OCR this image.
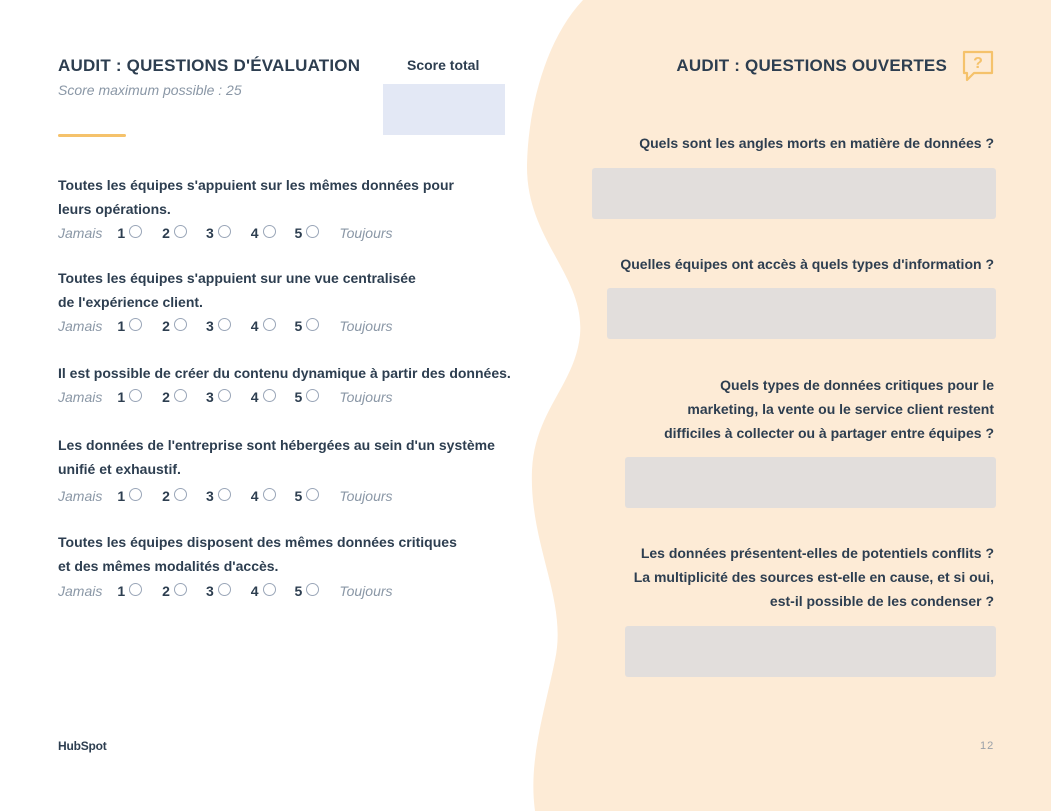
AUDIT : QUESTIONS D'ÉVALUATION
Score maximum possible : 25
Score total
Toutes les équipes s'appuient sur les mêmes données pour
leurs opérations.
Jamais 1	2	3	4	5	Toujours
Toutes les équipes s'appuient sur une vue centralisée
de l'expérience client.
Jamais 1	2	3	4	5	Toujours
Il est possible de créer du contenu dynamique à partir des données.
Jamais 1	2	3	4	5	Toujours
Les données de l'entreprise sont hébergées au sein d'un système
unifié et exhaustif.
Jamais 1	2	3	4	5	Toujours
Toutes les équipes disposent des mêmes données critiques
et des mêmes modalités d'accès.
Jamais 1	2	3	4	5	Toujours
AUDIT : QUESTIONS OUVERTES ?
Quels sont les angles morts en matière de données ?
Quelles équipes ont accès à quels types d'information ?
Quels types de données critiques pour le
marketing, la vente ou le service client restent
difficiles à collecter ou à partager entre équipes ?
Les données présentent-elles de potentiels conflits ?
La multiplicité des sources est-elle en cause, et si oui,
est-il possible de les condenser ?
HubSpot	12
